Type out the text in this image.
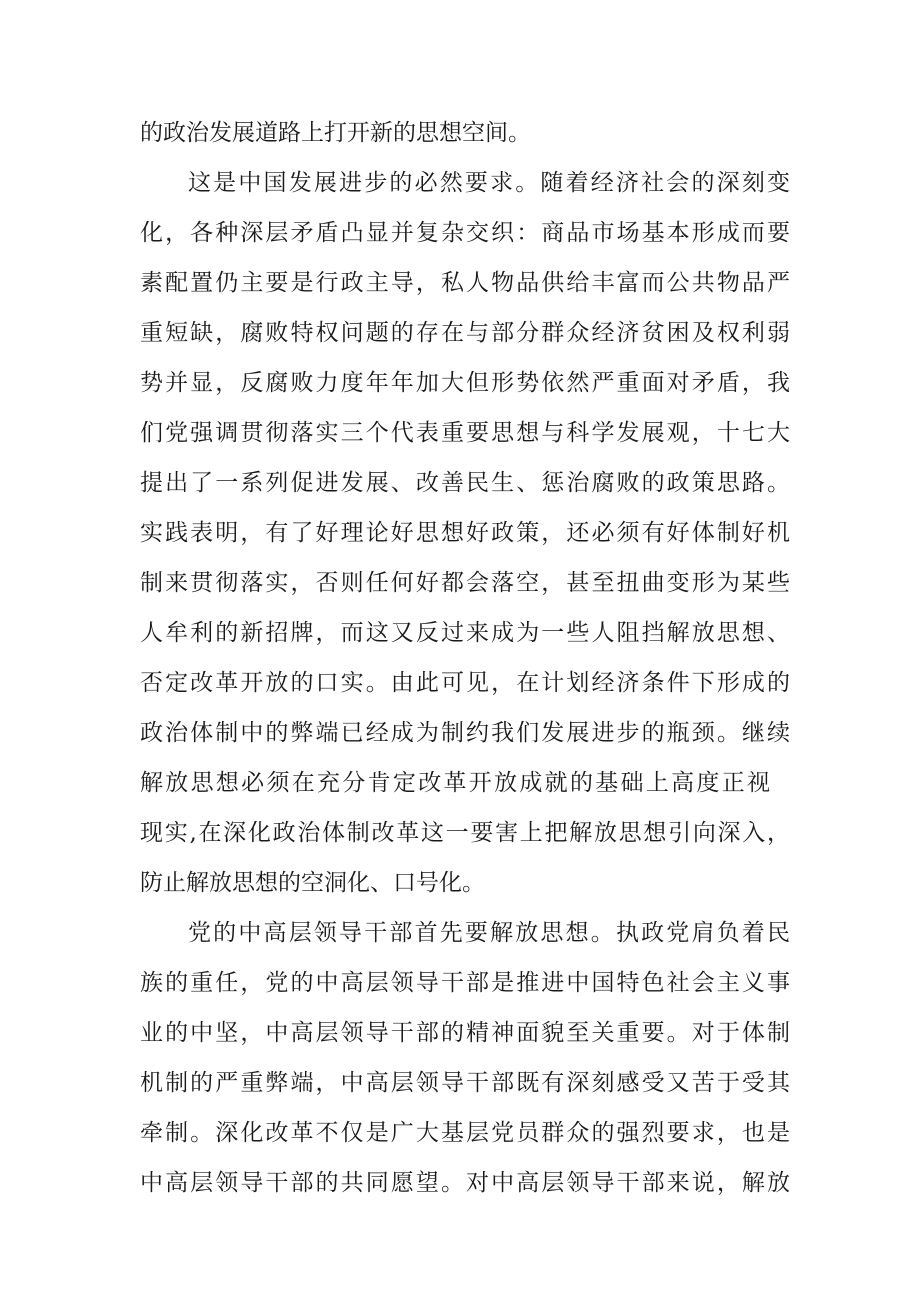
的政治发展道路上打开新的思想空间。
这是中国发展进步的必然要求。随着经济社会的深刻变
化，各种深层矛盾凸显并复杂交织：商品市场基本形成而要
素配置仍主要是行政主导，私人物品供给丰富而公共物品严
重短缺，腐败特权问题的存在与部分群众经济贫困及权利弱
势并显，反腐败力度年年加大但形势依然严重面对矛盾，我
们党强调贯彻落实三个代表重要思想与科学发展观，十七大
提出了一系列促进发展、改善民生、惩治腐败的政策思路。
实践表明，有了好理论好思想好政策，还必须有好体制好机
制来贯彻落实，否则任何好都会落空，甚至扭曲变形为某些
人牟利的新招牌，而这又反过来成为一些人阻挡解放思想、
否定改革开放的口实。由此可见，在计划经济条件下形成的
政治体制中的弊端已经成为制约我们发展进步的瓶颈。继续
解放思想必须在充分肯定改革开放成就的基础上高度正视
现实,在深化政治体制改革这一要害上把解放思想引向深入，
防止解放思想的空洞化、口号化。
党的中高层领导干部首先要解放思想。执政党肩负着民
族的重任，党的中高层领导干部是推进中国特色社会主义事
业的中坚，中高层领导干部的精神面貌至关重要。对于体制
机制的严重弊端，中高层领导干部既有深刻感受又苦于受其
牵制。深化改革不仅是广大基层党员群众的强烈要求，也是
中高层领导干部的共同愿望。对中高层领导干部来说，解放
